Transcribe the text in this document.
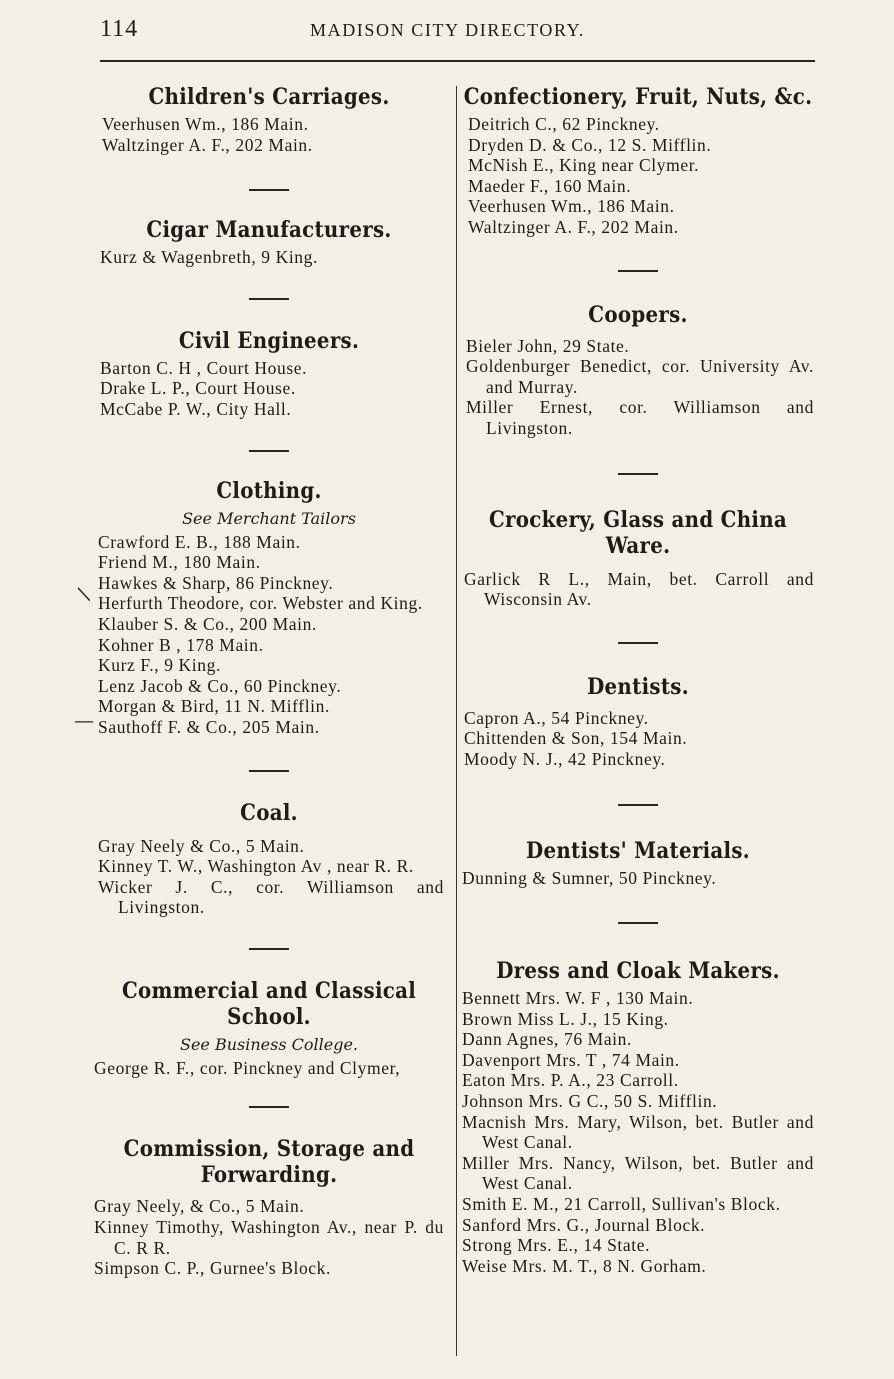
114	MADISON CITY DIRECTORY.
/
—
Children's Carriages.

Veerhusen Wm., 186 Main.

Waltzinger A. F., 202 Main.

Cigar Manufacturers.

Kurz & Wagenbreth, 9 King.

Civil Engineers.

Barton C. H , Court House.

Drake L. P., Court House.

McCabe P. W., City Hall.

Clothing.
See Merchant Tailors

Crawford E. B., 188 Main.

Friend M., 180 Main.

Hawkes & Sharp, 86 Pinckney.

Herfurth Theodore, cor. Webster and King.

Klauber S. & Co., 200 Main.

Kohner B , 178 Main.

Kurz F., 9 King.

Lenz Jacob & Co., 60 Pinckney.

Morgan & Bird, 11 N. Mifflin.

Sauthoff F. & Co., 205 Main.

Coal.

Gray Neely & Co., 5 Main.

Kinney T. W., Washington Av , near R. R.

Wicker J. C., cor. Williamson and Livingston.

Commercial and Classical School.
See Business College.

George R. F., cor. Pinckney and Clymer,

Commission, Storage and Forwarding.

Gray Neely, & Co., 5 Main.

Kinney Timothy, Washington Av., near P. du C. R R.

Simpson C. P., Gurnee's Block.

Confectionery, Fruit, Nuts, &c.

Deitrich C., 62 Pinckney.

Dryden D. & Co., 12 S. Mifflin.

McNish E., King near Clymer.

Maeder F., 160 Main.

Veerhusen Wm., 186 Main.

Waltzinger A. F., 202 Main.

Coopers.

Bieler John, 29 State.

Goldenburger Benedict, cor. University Av. and Murray.

Miller Ernest, cor. Williamson and Livingston.

Crockery, Glass and China Ware.

Garlick R L., Main, bet. Carroll and Wisconsin Av.

Dentists.

Capron A., 54 Pinckney.

Chittenden & Son, 154 Main.

Moody N. J., 42 Pinckney.

Dentists' Materials.

Dunning & Sumner, 50 Pinckney.

Dress and Cloak Makers.

Bennett Mrs. W. F , 130 Main.

Brown Miss L. J., 15 King.

Dann Agnes, 76 Main.

Davenport Mrs. T , 74 Main.

Eaton Mrs. P. A., 23 Carroll.

Johnson Mrs. G C., 50 S. Mifflin.

Macnish Mrs. Mary, Wilson, bet. Butler and West Canal.

Miller Mrs. Nancy, Wilson, bet. Butler and West Canal.

Smith E. M., 21 Carroll, Sullivan's Block.

Sanford Mrs. G., Journal Block.

Strong Mrs. E., 14 State.

Weise Mrs. M. T., 8 N. Gorham.
